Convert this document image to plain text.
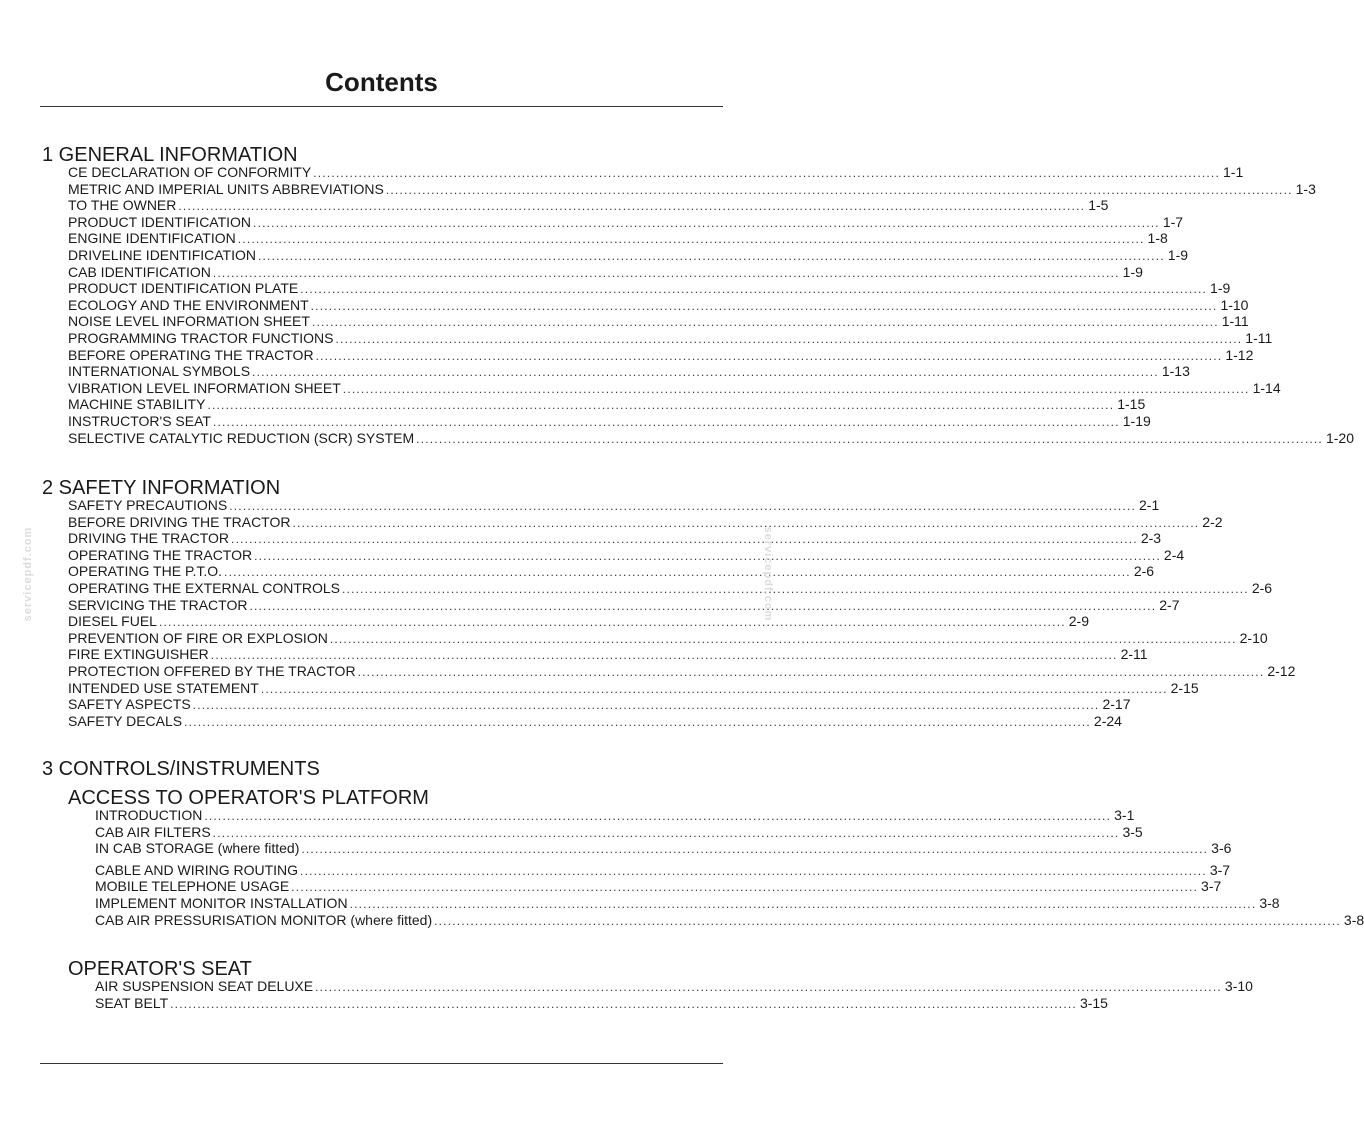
Contents
1 GENERAL INFORMATION
CE DECLARATION OF CONFORMITY ........................................................................................................................................................................................................ 1-1
METRIC AND IMPERIAL UNITS ABBREVIATIONS ........................................................................................................................................................................................................ 1-3
TO THE OWNER ........................................................................................................................................................................................................ 1-5
PRODUCT IDENTIFICATION ........................................................................................................................................................................................................ 1-7
ENGINE IDENTIFICATION ........................................................................................................................................................................................................ 1-8
DRIVELINE IDENTIFICATION ........................................................................................................................................................................................................ 1-9
CAB IDENTIFICATION ........................................................................................................................................................................................................ 1-9
PRODUCT IDENTIFICATION PLATE ........................................................................................................................................................................................................ 1-9
ECOLOGY AND THE ENVIRONMENT ........................................................................................................................................................................................................ 1-10
NOISE LEVEL INFORMATION SHEET ........................................................................................................................................................................................................ 1-11
PROGRAMMING TRACTOR FUNCTIONS ........................................................................................................................................................................................................ 1-11
BEFORE OPERATING THE TRACTOR ........................................................................................................................................................................................................ 1-12
INTERNATIONAL SYMBOLS ........................................................................................................................................................................................................ 1-13
VIBRATION LEVEL INFORMATION SHEET ........................................................................................................................................................................................................ 1-14
MACHINE STABILITY ........................................................................................................................................................................................................ 1-15
INSTRUCTOR'S SEAT ........................................................................................................................................................................................................ 1-19
SELECTIVE CATALYTIC REDUCTION (SCR) SYSTEM ........................................................................................................................................................................................................ 1-20
2 SAFETY INFORMATION
SAFETY PRECAUTIONS ........................................................................................................................................................................................................ 2-1
BEFORE DRIVING THE TRACTOR ........................................................................................................................................................................................................ 2-2
DRIVING THE TRACTOR ........................................................................................................................................................................................................ 2-3
OPERATING THE TRACTOR ........................................................................................................................................................................................................ 2-4
OPERATING THE P.T.O. ........................................................................................................................................................................................................ 2-6
OPERATING THE EXTERNAL CONTROLS ........................................................................................................................................................................................................ 2-6
SERVICING THE TRACTOR ........................................................................................................................................................................................................ 2-7
DIESEL FUEL ........................................................................................................................................................................................................ 2-9
PREVENTION OF FIRE OR EXPLOSION ........................................................................................................................................................................................................ 2-10
FIRE EXTINGUISHER ........................................................................................................................................................................................................ 2-11
PROTECTION OFFERED BY THE TRACTOR ........................................................................................................................................................................................................ 2-12
INTENDED USE STATEMENT ........................................................................................................................................................................................................ 2-15
SAFETY ASPECTS ........................................................................................................................................................................................................ 2-17
SAFETY DECALS ........................................................................................................................................................................................................ 2-24
3 CONTROLS/INSTRUMENTS
ACCESS TO OPERATOR'S PLATFORM
INTRODUCTION ........................................................................................................................................................................................................ 3-1
CAB AIR FILTERS ........................................................................................................................................................................................................ 3-5
IN CAB STORAGE (where fitted) ........................................................................................................................................................................................................ 3-6
CABLE AND WIRING ROUTING ........................................................................................................................................................................................................ 3-7
MOBILE TELEPHONE USAGE ........................................................................................................................................................................................................ 3-7
IMPLEMENT MONITOR INSTALLATION ........................................................................................................................................................................................................ 3-8
CAB AIR PRESSURISATION MONITOR (where fitted) ........................................................................................................................................................................................................ 3-8
OPERATOR'S SEAT
AIR SUSPENSION SEAT DELUXE ........................................................................................................................................................................................................ 3-10
SEAT BELT ........................................................................................................................................................................................................ 3-15
servicepdf.com	servicepdf.com
